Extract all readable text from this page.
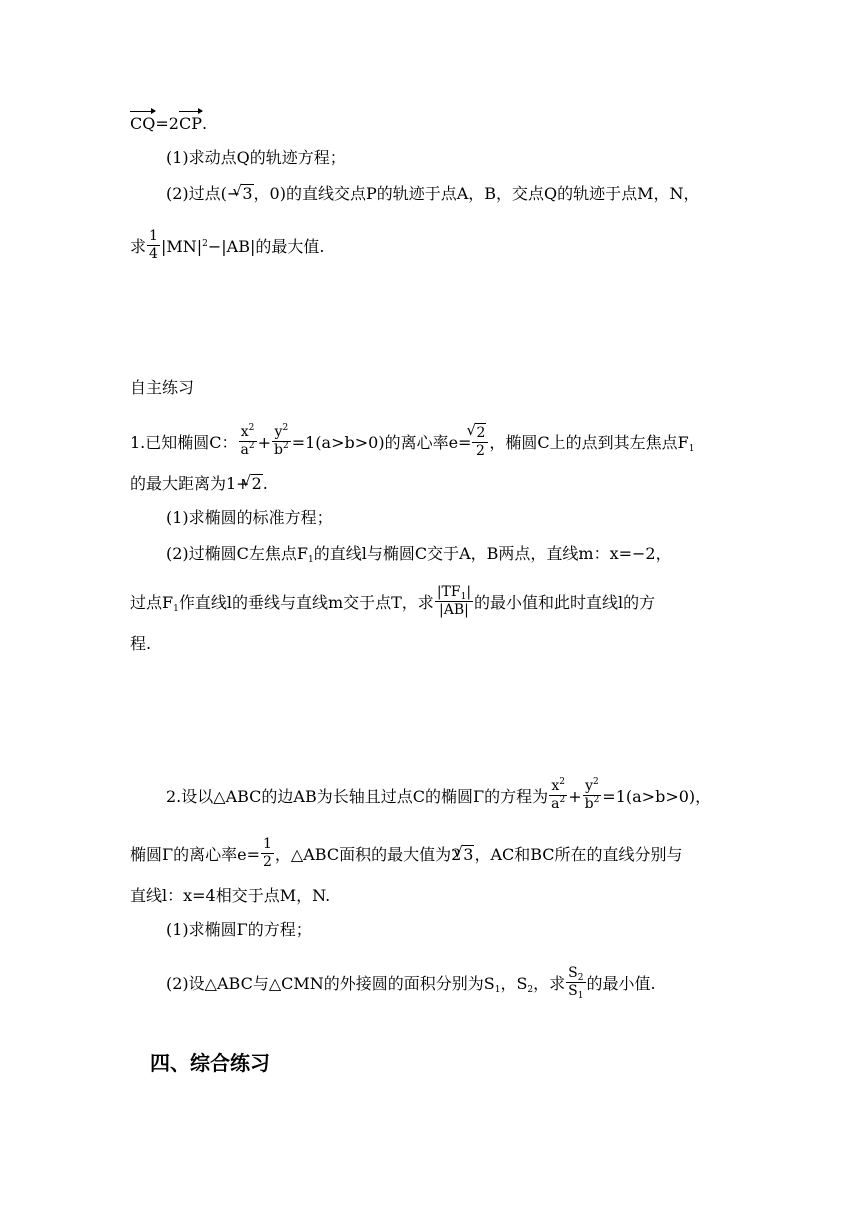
CQ=2CP.
(1)求动点Q的轨迹方程；
(2)过点(− √ 3，0)的直线交点P的轨迹于点A，B，交点Q的轨迹于点M，N，
求 $\frac{1}{4} |MN|^2-|AB|$的最大值.
自主练习
1.已知椭圆C： $\frac{x^2}{a^2} + \frac{y^2}{b^2} =1(a>b>0)$的离心率e= √ $\frac{2}{2}$ ，椭圆C上的点到其左焦点$F_1$
的最大距离为1+ √ 2.
(1)求椭圆的标准方程；
(2)过椭圆C左焦点$F_1$的直线l与椭圆C交于A，B两点，直线m：x=−2，
过点$F_1$作直线l的垂线与直线m交于点T，求 $\frac{|TF_1|}{|AB|}$ 的最小值和此时直线l的方
程.
2.设以△ABC的边AB为长轴且过点C的椭圆Γ的方程为 $\frac{x^2}{a^2} + \frac{y^2}{b^2} =1(a>b>0)$，
椭圆Γ的离心率$e= \frac{1}{2}$ ，△ABC面积的最大值为2 √ 3，AC和BC所在的直线分别与
直线l：x=4相交于点M，N.
(1)求椭圆Γ的方程；
(2)设△ABC与△CMN的外接圆的面积分别为$S_1$，$S_2$，求 $\frac{S_2}{S_1}$ 的最小值.
四、综合练习
